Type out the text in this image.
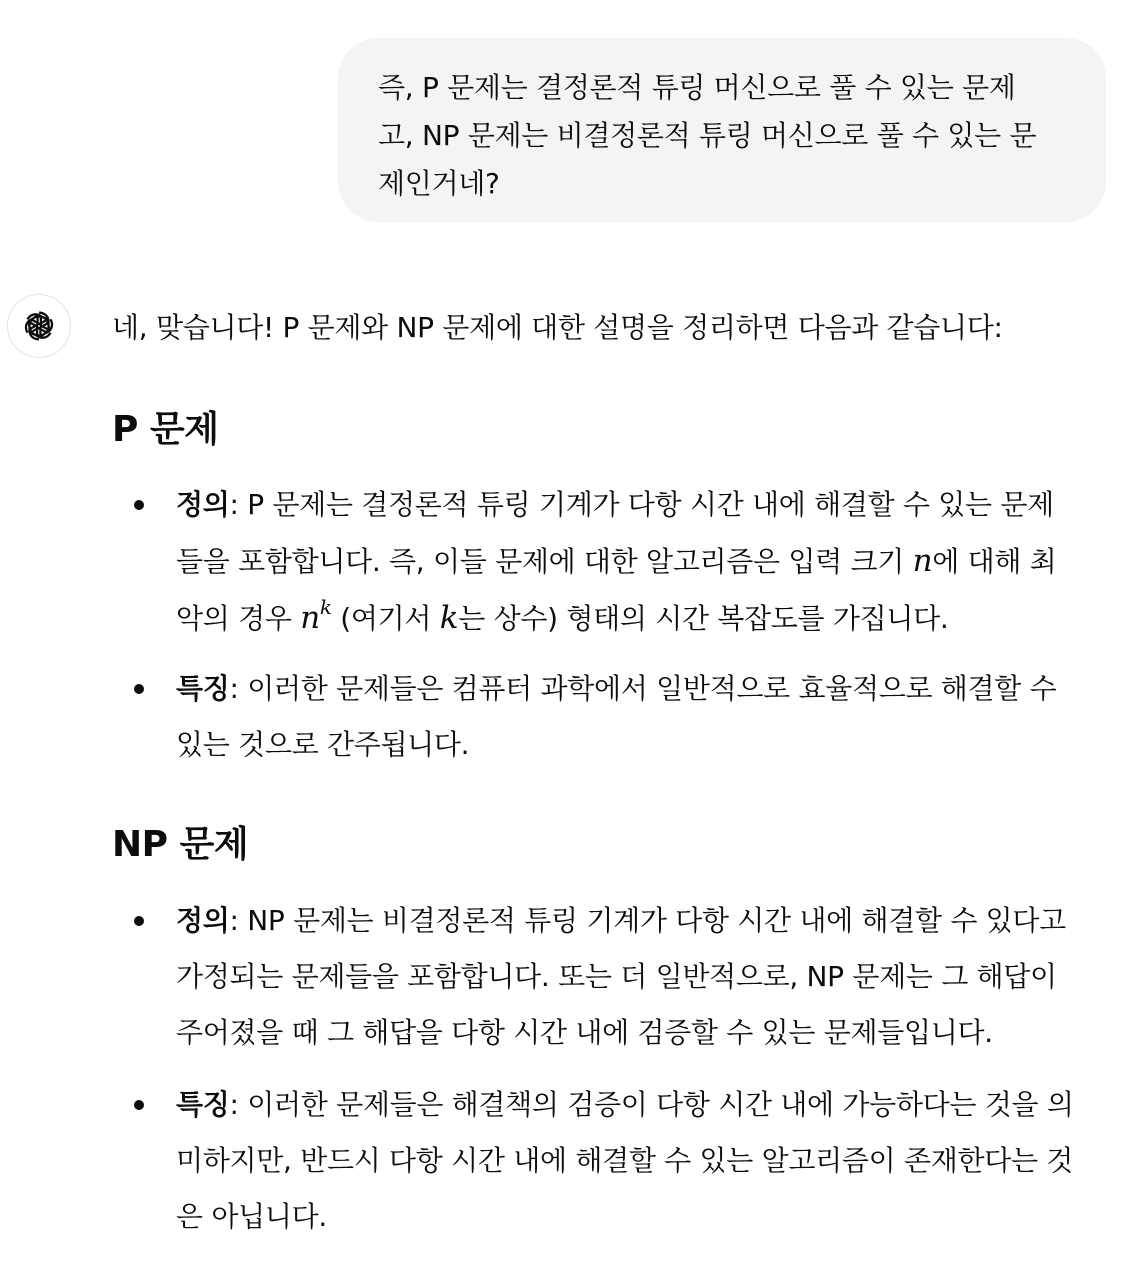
즉, P 문제는 결정론적 튜링 머신으로 풀 수 있는 문제
고, NP 문제는 비결정론적 튜링 머신으로 풀 수 있는 문
제인거네?
네, 맞습니다! P 문제와 NP 문제에 대한 설명을 정리하면 다음과 같습니다:
P 문제
정의: P 문제는 결정론적 튜링 기계가 다항 시간 내에 해결할 수 있는 문제
들을 포함합니다. 즉, 이들 문제에 대한 알고리즘은 입력 크기 n에 대해 최
악의 경우 $n^k$ (여기서 k는 상수) 형태의 시간 복잡도를 가집니다.
특징: 이러한 문제들은 컴퓨터 과학에서 일반적으로 효율적으로 해결할 수
있는 것으로 간주됩니다.
NP 문제
정의: NP 문제는 비결정론적 튜링 기계가 다항 시간 내에 해결할 수 있다고
가정되는 문제들을 포함합니다. 또는 더 일반적으로, NP 문제는 그 해답이
주어졌을 때 그 해답을 다항 시간 내에 검증할 수 있는 문제들입니다.
특징: 이러한 문제들은 해결책의 검증이 다항 시간 내에 가능하다는 것을 의
미하지만, 반드시 다항 시간 내에 해결할 수 있는 알고리즘이 존재한다는 것
은 아닙니다.
